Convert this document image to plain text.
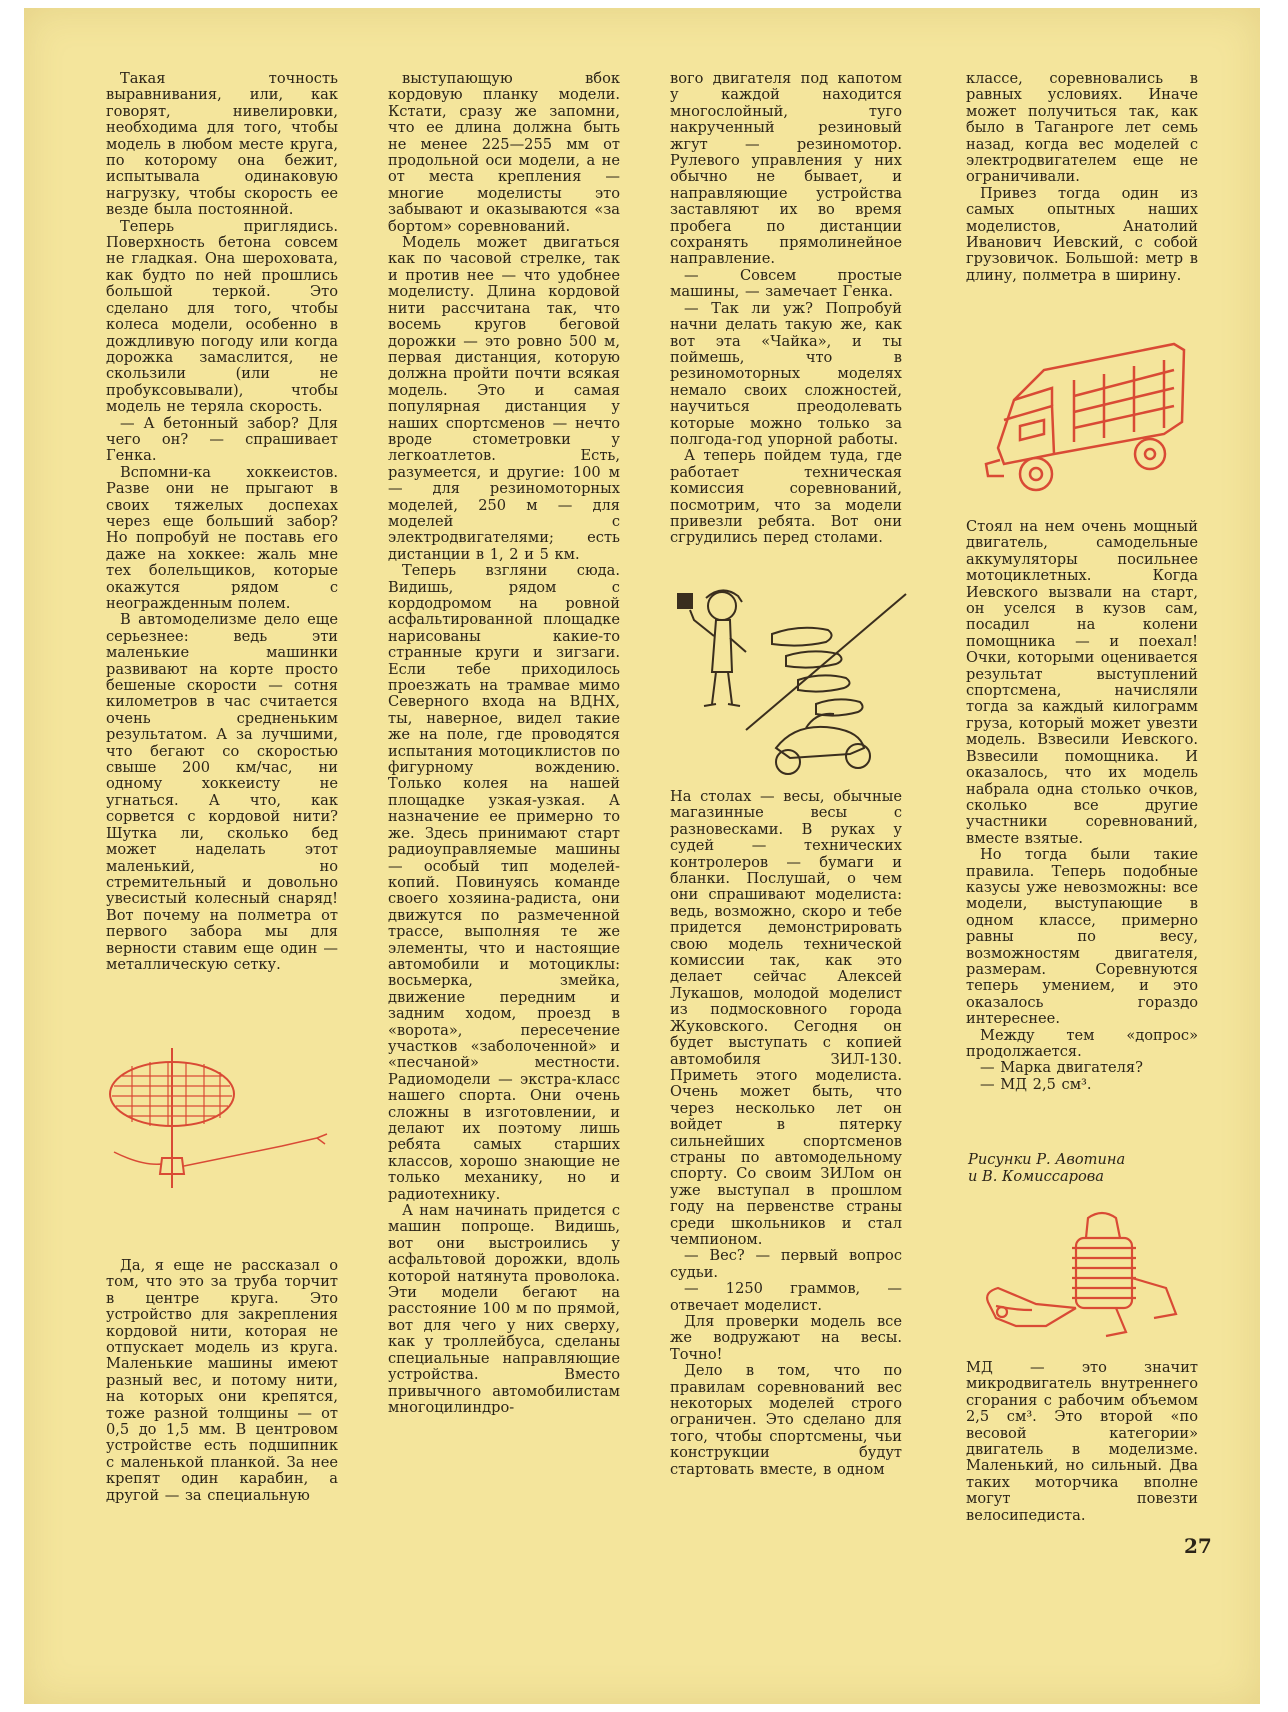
Такая точность выравнивания, или, как говорят, нивелировки, необходима для того, чтобы модель в любом месте круга, по которому она бежит, испытывала одинаковую нагрузку, чтобы скорость ее везде была постоянной.

Теперь приглядись. Поверхность бетона совсем не гладкая. Она шероховата, как будто по ней прошлись большой теркой. Это сделано для того, чтобы колеса модели, особенно в дождливую погоду или когда дорожка замаслится, не скользили (или не пробуксовывали), чтобы модель не теряла скорость.

— А бетонный забор? Для чего он? — спрашивает Генка.

Вспомни-ка хоккеистов. Разве они не прыгают в своих тяжелых доспехах через еще больший забор? Но попробуй не поставь его даже на хоккее: жаль мне тех болельщиков, которые окажутся рядом с неогражденным полем.

В автомоделизме дело еще серьезнее: ведь эти маленькие машинки развивают на корте просто бешеные скорости — сотня километров в час считается очень средненьким результатом. А за лучшими, что бегают со скоростью свыше 200 км/час, ни одному хоккеисту не угнаться. А что, как сорвется с кордовой нити? Шутка ли, сколько бед может наделать этот маленький, но стремительный и довольно увесистый колесный снаряд! Вот почему на полметра от первого забора мы для верности ставим еще один — металлическую сетку.

Да, я еще не рассказал о том, что это за труба торчит в центре круга. Это устройство для закрепления кордовой нити, которая не отпускает модель из круга. Маленькие машины имеют разный вес, и потому нити, на которых они крепятся, тоже разной толщины — от 0,5 до 1,5 мм. В центровом устройстве есть подшипник с маленькой планкой. За нее крепят один карабин, а другой — за специальную

выступающую вбок кордовую планку модели. Кстати, сразу же запомни, что ее длина должна быть не менее 225—255 мм от продольной оси модели, а не от места крепления — многие моделисты это забывают и оказываются «за бортом» соревнований.

Модель может двигаться как по часовой стрелке, так и против нее — что удобнее моделисту. Длина кордовой нити рассчитана так, что восемь кругов беговой дорожки — это ровно 500 м, первая дистанция, которую должна пройти почти всякая модель. Это и самая популярная дистанция у наших спортсменов — нечто вроде стометровки у легкоатлетов. Есть, разумеется, и другие: 100 м — для резиномоторных моделей, 250 м — для моделей с электродвигателями; есть дистанции в 1, 2 и 5 км.

Теперь взгляни сюда. Видишь, рядом с кордодромом на ровной асфальтированной площадке нарисованы какие-то странные круги и зигзаги. Если тебе приходилось проезжать на трамвае мимо Северного входа на ВДНХ, ты, наверное, видел такие же на поле, где проводятся испытания мотоциклистов по фигурному вождению. Только колея на нашей площадке узкая-узкая. А назначение ее примерно то же. Здесь принимают старт радиоуправляемые машины — особый тип моделей-копий. Повинуясь команде своего хозяина-радиста, они движутся по размеченной трассе, выполняя те же элементы, что и настоящие автомобили и мотоциклы: восьмерка, змейка, движение передним и задним ходом, проезд в «ворота», пересечение участков «заболоченной» и «песчаной» местности. Радиомодели — экстра-класс нашего спорта. Они очень сложны в изготовлении, и делают их поэтому лишь ребята самых старших классов, хорошо знающие не только механику, но и радиотехнику.

А нам начинать придется с машин попроще. Видишь, вот они выстроились у асфальтовой дорожки, вдоль которой натянута проволока. Эти модели бегают на расстояние 100 м по прямой, вот для чего у них сверху, как у троллейбуса, сделаны специальные направляющие устройства. Вместо привычного автомобилистам многоцилиндро-

вого двигателя под капотом у каждой находится многослойный, туго накрученный резиновый жгут — резиномотор. Рулевого управления у них обычно не бывает, и направляющие устройства заставляют их во время пробега по дистанции сохранять прямолинейное направление.

— Совсем простые машины, — замечает Генка.

— Так ли уж? Попробуй начни делать такую же, как вот эта «Чайка», и ты поймешь, что в резиномоторных моделях немало своих сложностей, научиться преодолевать которые можно только за полгода-год упорной работы.

А теперь пойдем туда, где работает техническая комиссия соревнований, посмотрим, что за модели привезли ребята. Вот они сгрудились перед столами.

На столах — весы, обычные магазинные весы с разновесками. В руках у судей — технических контролеров — бумаги и бланки. Послушай, о чем они спрашивают моделиста: ведь, возможно, скоро и тебе придется демонстрировать свою модель технической комиссии так, как это делает сейчас Алексей Лукашов, молодой моделист из подмосковного города Жуковского. Сегодня он будет выступать с копией автомобиля ЗИЛ-130. Приметь этого моделиста. Очень может быть, что через несколько лет он войдет в пятерку сильнейших спортсменов страны по автомодельному спорту. Со своим ЗИЛом он уже выступал в прошлом году на первенстве страны среди школьников и стал чемпионом.

— Вес? — первый вопрос судьи.

— 1250 граммов, — отвечает моделист.

Для проверки модель все же водружают на весы. Точно!

Дело в том, что по правилам соревнований вес некоторых моделей строго ограничен. Это сделано для того, чтобы спортсмены, чьи конструкции будут стартовать вместе, в одном

классе, соревновались в равных условиях. Иначе может получиться так, как было в Таганроге лет семь назад, когда вес моделей с электродвигателем еще не ограничивали.

Привез тогда один из самых опытных наших моделистов, Анатолий Иванович Иевский, с собой грузовичок. Большой: метр в длину, полметра в ширину.

Стоял на нем очень мощный двигатель, самодельные аккумуляторы посильнее мотоциклетных. Когда Иевского вызвали на старт, он уселся в кузов сам, посадил на колени помощника — и поехал! Очки, которыми оценивается результат выступлений спортсмена, начисляли тогда за каждый килограмм груза, который может увезти модель. Взвесили Иевского. Взвесили помощника. И оказалось, что их модель набрала одна столько очков, сколько все другие участники соревнований, вместе взятые.

Но тогда были такие правила. Теперь подобные казусы уже невозможны: все модели, выступающие в одном классе, примерно равны по весу, возможностям двигателя, размерам. Соревнуются теперь умением, и это оказалось гораздо интереснее.

Между тем «допрос» продолжается.

— Марка двигателя?

— МД 2,5 см³.

Рисунки Р. Авотина
и В. Комиссарова

МД — это значит микродвигатель внутреннего сгорания с рабочим объемом 2,5 см³. Это второй «по весовой категории» двигатель в моделизме. Маленький, но сильный. Два таких моторчика вполне могут повезти велосипедиста.

27
